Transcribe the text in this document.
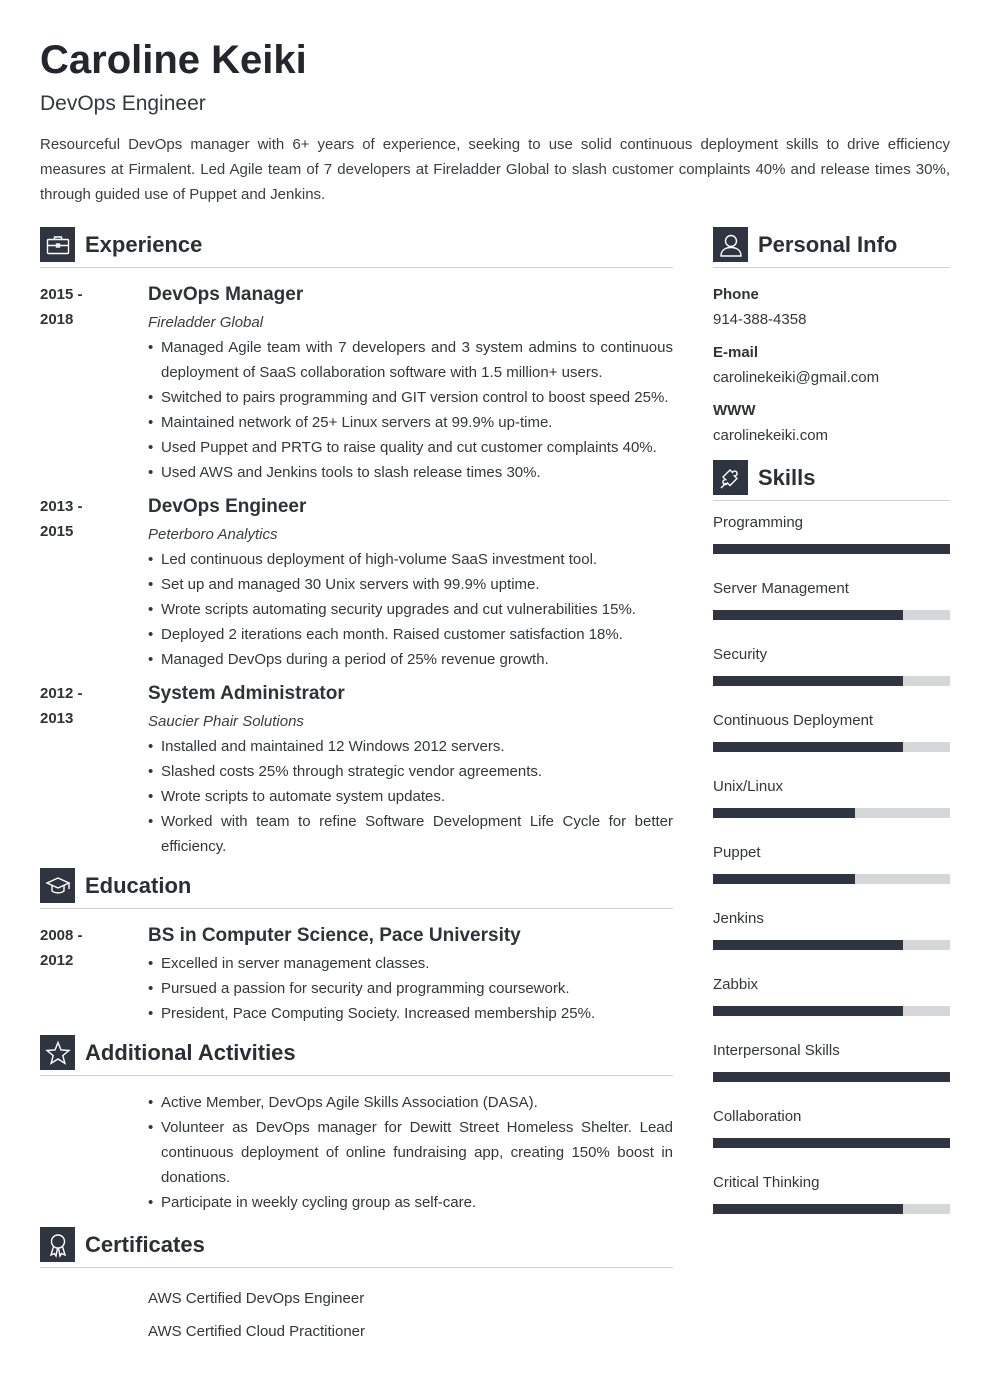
Caroline Keiki
DevOps Engineer
Resourceful DevOps manager with 6+ years of experience, seeking to use solid continuous deployment skills to drive efficiency measures at Firmalent. Led Agile team of 7 developers at Fireladder Global to slash customer complaints 40% and release times 30%, through guided use of Puppet and Jenkins.
Experience
2015 -
2018
DevOps Manager
Fireladder Global
• Managed Agile team with 7 developers and 3 system admins to continuous deployment of SaaS collaboration software with 1.5 million+ users.
• Switched to pairs programming and GIT version control to boost speed 25%.
• Maintained network of 25+ Linux servers at 99.9% up-time.
• Used Puppet and PRTG to raise quality and cut customer complaints 40%.
• Used AWS and Jenkins tools to slash release times 30%.
2013 -
2015
DevOps Engineer
Peterboro Analytics
• Led continuous deployment of high-volume SaaS investment tool.
• Set up and managed 30 Unix servers with 99.9% uptime.
• Wrote scripts automating security upgrades and cut vulnerabilities 15%.
• Deployed 2 iterations each month. Raised customer satisfaction 18%.
• Managed DevOps during a period of 25% revenue growth.
2012 -
2013
System Administrator
Saucier Phair Solutions
• Installed and maintained 12 Windows 2012 servers.
• Slashed costs 25% through strategic vendor agreements.
• Wrote scripts to automate system updates.
• Worked with team to refine Software Development Life Cycle for better efficiency.
Education
2008 -
2012
BS in Computer Science, Pace University
• Excelled in server management classes.
• Pursued a passion for security and programming coursework.
• President, Pace Computing Society. Increased membership 25%.
Additional Activities
• Active Member, DevOps Agile Skills Association (DASA).
• Volunteer as DevOps manager for Dewitt Street Homeless Shelter. Lead continuous deployment of online fundraising app, creating 150% boost in donations.
• Participate in weekly cycling group as self-care.
Certificates
AWS Certified DevOps Engineer
AWS Certified Cloud Practitioner
Personal Info
Phone
914-388-4358
E-mail
carolinekeiki@gmail.com
WWW
carolinekeiki.com
Skills
Programming
Server Management
Security
Continuous Deployment
Unix/Linux
Puppet
Jenkins
Zabbix
Interpersonal Skills
Collaboration
Critical Thinking
